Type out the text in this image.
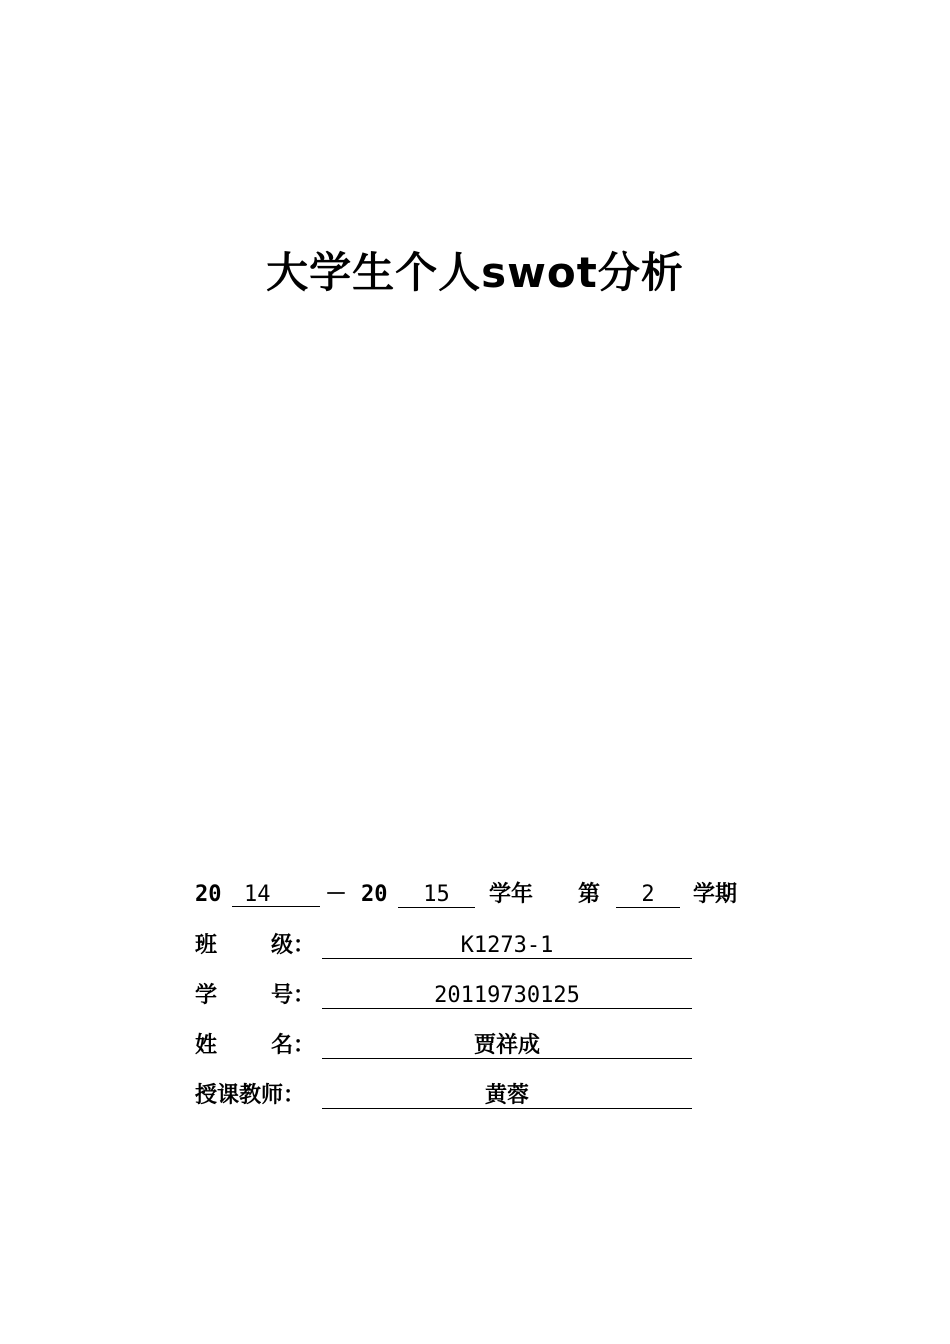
大学生个人swot分析
20	14	－ 20	15	学年 第	2	学期
班 级：	K1273-1
学 号：	20119730125
姓 名：	贾祥成
授课教师：	黄蓉
